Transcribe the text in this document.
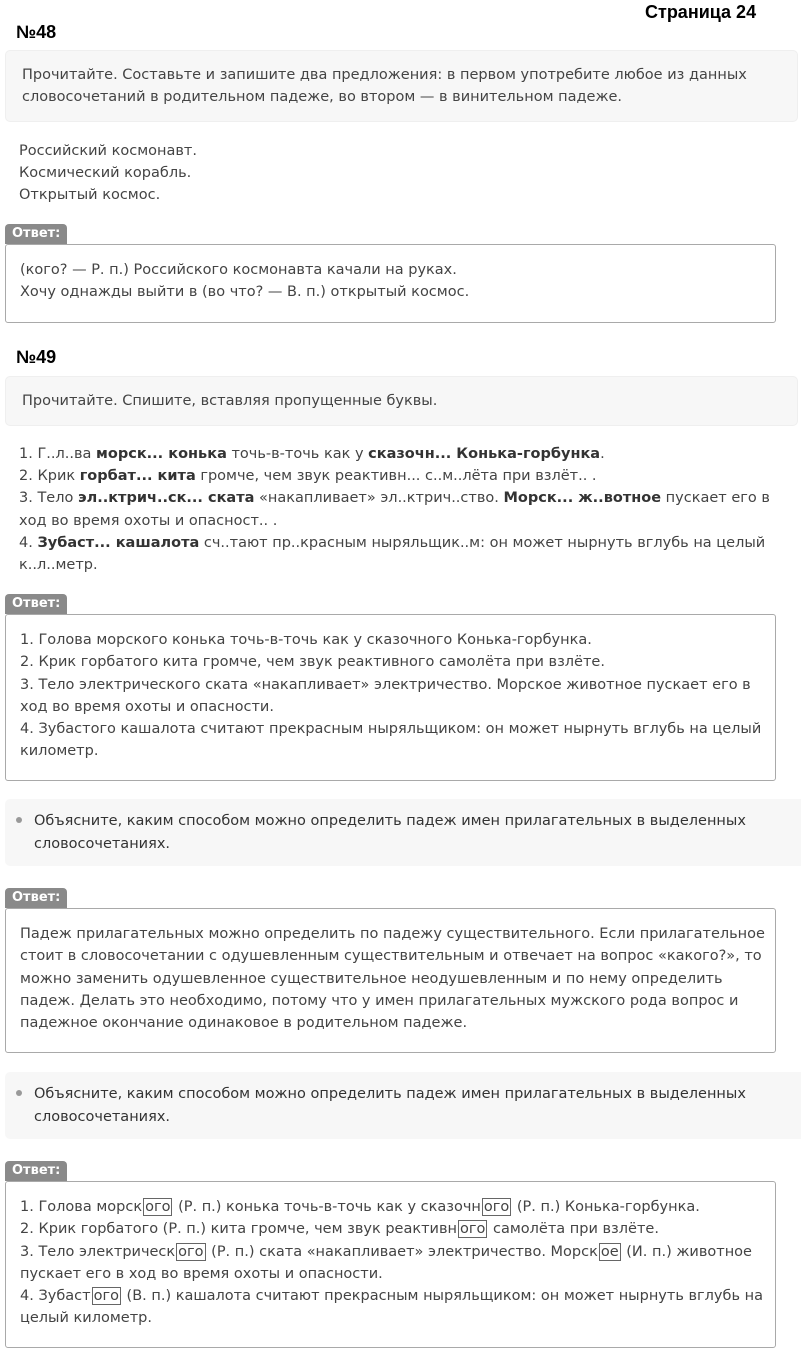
Страница 24
№48
Прочитайте. Составьте и запишите два предложения: в первом употребите любое из данных словосочетаний в родительном падеже, во втором — в винительном падеже.
Российский космонавт.
Космический корабль.
Открытый космос.
Ответ:
(кого? — Р. п.) Российского космонавта качали на руках.
Хочу однажды выйти в (во что? — В. п.) открытый космос.
№49
Прочитайте. Спишите, вставляя пропущенные буквы.
1. Г..л..ва морск... конька точь-в-точь как у сказочн... Конька-горбунка.
2. Крик горбат... кита громче, чем звук реактивн... с..м..лёта при взлёт.. .
3. Тело эл..ктрич..ск... ската «накапливает» эл..ктрич..ство. Морск... ж..вотное пускает его в ход во время охоты и опасност.. .
4. Зубаст... кашалота сч..тают пр..красным ныряльщик..м: он может нырнуть вглубь на целый к..л..метр.
Ответ:
1. Голова морского конька точь-в-точь как у сказочного Конька-горбунка.
2. Крик горбатого кита громче, чем звук реактивного самолёта при взлёте.
3. Тело электрического ската «накапливает» электричество. Морское животное пускает его в ход во время охоты и опасности.
4. Зубастого кашалота считают прекрасным ныряльщиком: он может нырнуть вглубь на целый километр.
Объясните, каким способом можно определить падеж имен прилагательных в выделенных словосочетаниях.
Ответ:
Падеж прилагательных можно определить по падежу существительного. Если прилагательное стоит в словосочетании с одушевленным существительным и отвечает на вопрос «какого?», то можно заменить одушевленное существительное неодушевленным и по нему определить падеж. Делать это необходимо, потому что у имен прилагательных мужского рода вопрос и падежное окончание одинаковое в родительном падеже.
Объясните, каким способом можно определить падеж имен прилагательных в выделенных словосочетаниях.
Ответ:
1. Голова морск ого (Р. п.) конька точь-в-точь как у сказочн ого (Р. п.) Конька-горбунка.
2. Крик горбатого (Р. п.) кита громче, чем звук реактивн ого самолёта при взлёте.
3. Тело электрическ ого (Р. п.) ската «накапливает» электричество. Морск ое (И. п.) животное пускает его в ход во время охоты и опасности.
4. Зубаст ого (В. п.) кашалота считают прекрасным ныряльщиком: он может нырнуть вглубь на целый километр.
